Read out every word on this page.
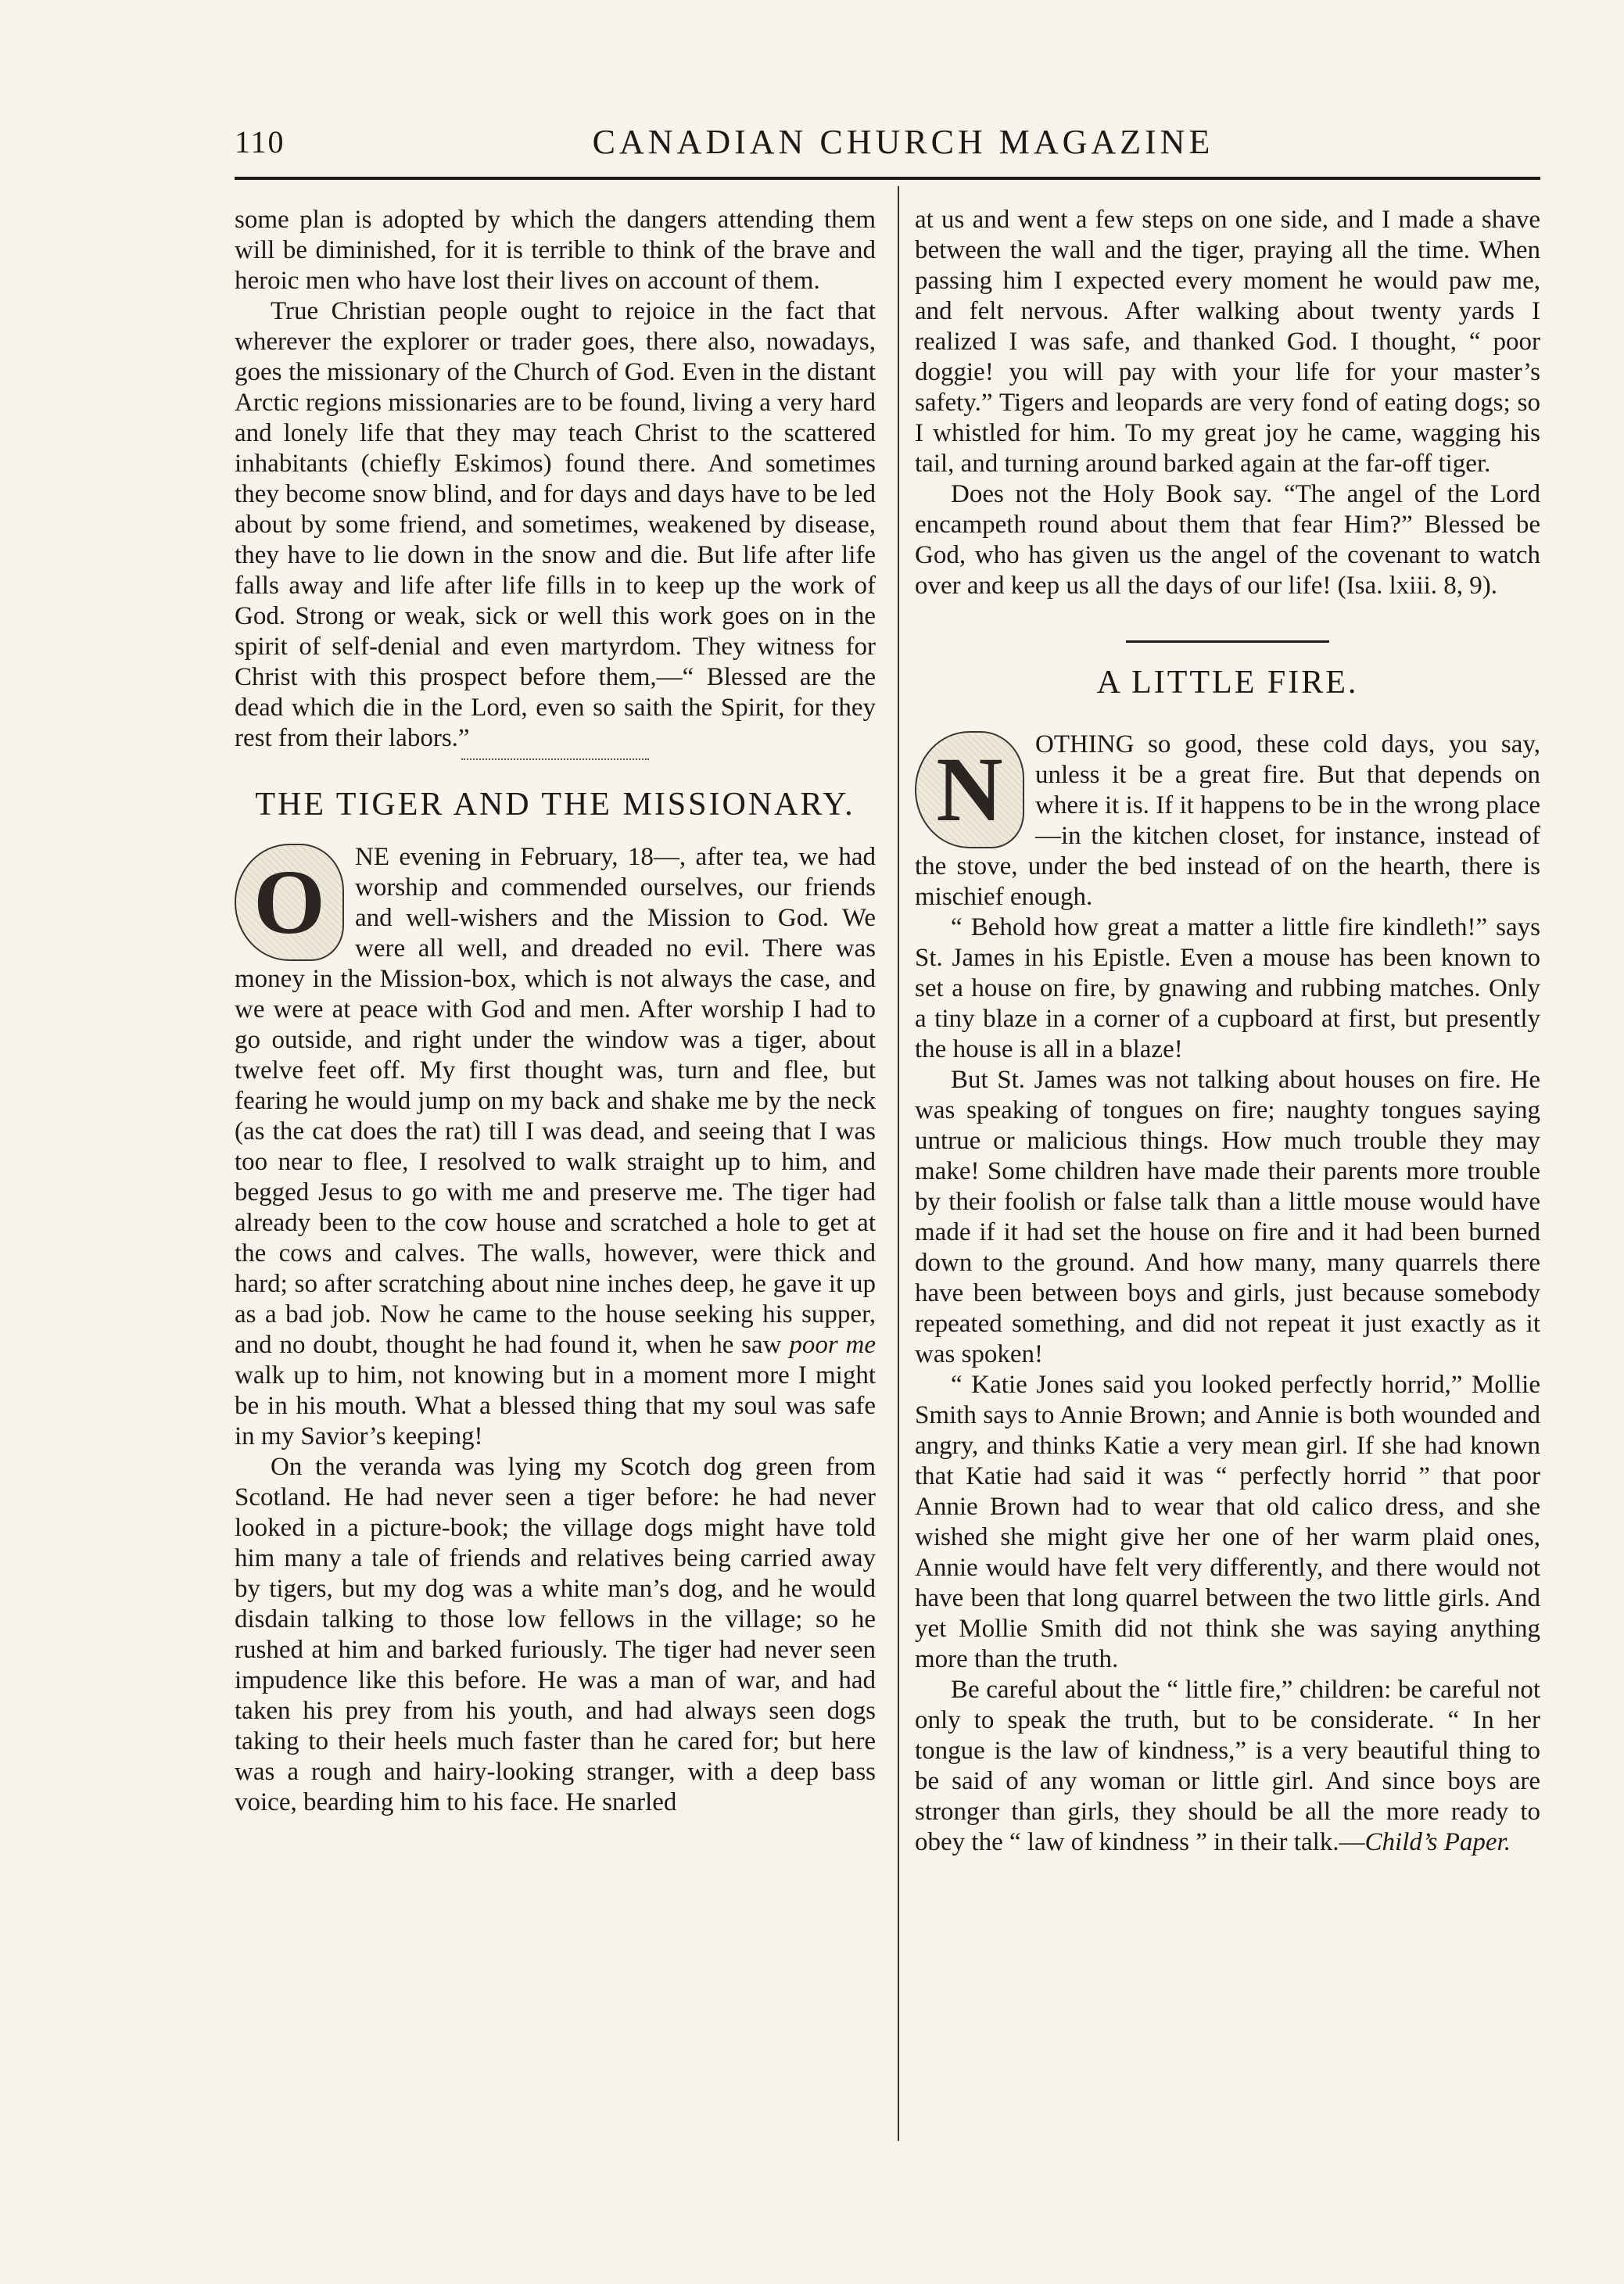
110	CANADIAN CHURCH MAGAZINE

some plan is adopted by which the dangers attending them will be diminished, for it is terrible to think of the brave and heroic men who have lost their lives on account of them.

True Christian people ought to rejoice in the fact that wherever the explorer or trader goes, there also, nowadays, goes the missionary of the Church of God. Even in the distant Arctic regions missionaries are to be found, living a very hard and lonely life that they may teach Christ to the scattered inhabitants (chiefly Eskimos) found there. And sometimes they become snow blind, and for days and days have to be led about by some friend, and sometimes, weakened by disease, they have to lie down in the snow and die. But life after life falls away and life after life fills in to keep up the work of God. Strong or weak, sick or well this work goes on in the spirit of self-denial and even martyrdom. They witness for Christ with this prospect before them,—“ Blessed are the dead which die in the Lord, even so saith the Spirit, for they rest from their labors.”

THE TIGER AND THE MISSIONARY.
O	NE evening in February, 18—, after tea, we had worship and commended ourselves, our friends and well-wishers and the Mission to God. We were all well, and dreaded no evil. There was money in the Mission-box, which is not always the case, and we were at peace with God and men. After worship I had to go outside, and right under the window was a tiger, about twelve feet off. My first thought was, turn and flee, but fearing he would jump on my back and shake me by the neck (as the cat does the rat) till I was dead, and seeing that I was too near to flee, I resolved to walk straight up to him, and begged Jesus to go with me and preserve me. The tiger had already been to the cow house and scratched a hole to get at the cows and calves. The walls, however, were thick and hard; so after scratching about nine inches deep, he gave it up as a bad job. Now he came to the house seeking his supper, and no doubt, thought he had found it, when he saw poor me walk up to him, not knowing but in a moment more I might be in his mouth. What a blessed thing that my soul was safe in my Savior’s keeping!

On the veranda was lying my Scotch dog green from Scotland. He had never seen a tiger before: he had never looked in a picture-book; the village dogs might have told him many a tale of friends and relatives being carried away by tigers, but my dog was a white man’s dog, and he would disdain talking to those low fellows in the village; so he rushed at him and barked furiously. The tiger had never seen impudence like this before. He was a man of war, and had taken his prey from his youth, and had always seen dogs taking to their heels much faster than he cared for; but here was a rough and hairy-looking stranger, with a deep bass voice, bearding him to his face. He snarled

at us and went a few steps on one side, and I made a shave between the wall and the tiger, praying all the time. When passing him I expected every moment he would paw me, and felt nervous. After walking about twenty yards I realized I was safe, and thanked God. I thought, “ poor doggie! you will pay with your life for your master’s safety.” Tigers and leopards are very fond of eating dogs; so I whistled for him. To my great joy he came, wagging his tail, and turning around barked again at the far-off tiger.

Does not the Holy Book say. “The angel of the Lord encampeth round about them that fear Him?” Blessed be God, who has given us the angel of the covenant to watch over and keep us all the days of our life! (Isa. lxiii. 8, 9).

A LITTLE FIRE.
N	OTHING so good, these cold days, you say, unless it be a great fire. But that depends on where it is. If it happens to be in the wrong place—in the kitchen closet, for instance, instead of the stove, under the bed instead of on the hearth, there is mischief enough.

“ Behold how great a matter a little fire kindleth!” says St. James in his Epistle. Even a mouse has been known to set a house on fire, by gnawing and rubbing matches. Only a tiny blaze in a corner of a cupboard at first, but presently the house is all in a blaze!

But St. James was not talking about houses on fire. He was speaking of tongues on fire; naughty tongues saying untrue or malicious things. How much trouble they may make! Some children have made their parents more trouble by their foolish or false talk than a little mouse would have made if it had set the house on fire and it had been burned down to the ground. And how many, many quarrels there have been between boys and girls, just because somebody repeated something, and did not repeat it just exactly as it was spoken!

“ Katie Jones said you looked perfectly horrid,” Mollie Smith says to Annie Brown; and Annie is both wounded and angry, and thinks Katie a very mean girl. If she had known that Katie had said it was “ perfectly horrid ” that poor Annie Brown had to wear that old calico dress, and she wished she might give her one of her warm plaid ones, Annie would have felt very differently, and there would not have been that long quarrel between the two little girls. And yet Mollie Smith did not think she was saying anything more than the truth.

Be careful about the “ little fire,” children: be careful not only to speak the truth, but to be considerate. “ In her tongue is the law of kindness,” is a very beautiful thing to be said of any woman or little girl. And since boys are stronger than girls, they should be all the more ready to obey the “ law of kindness ” in their talk.—Child’s Paper.
